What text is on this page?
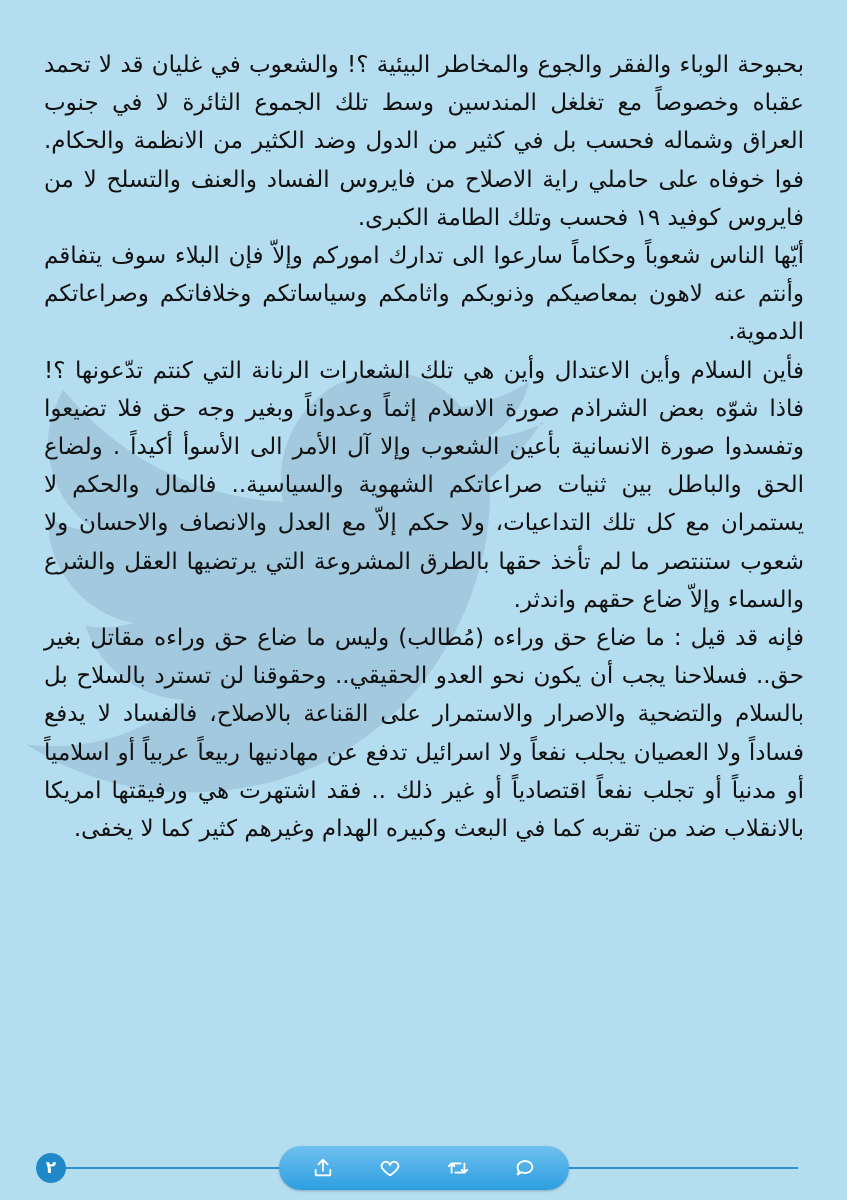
بحبوحة الوباء والفقر والجوع والمخاطر البيئية ؟! والشعوب في غليان قد لا تحمد عقباه وخصوصاً مع تغلغل المندسين وسط تلك الجموع الثائرة لا في جنوب العراق وشماله فحسب بل في كثير من الدول وضد الكثير من الانظمة والحكام. فوا خوفاه على حاملي راية الاصلاح من فايروس الفساد والعنف والتسلح لا من فايروس كوفيد ١٩ فحسب وتلك الطامة الكبرى.

أيّها الناس شعوباً وحكاماً سارعوا الى تدارك اموركم وإلاّ فإن البلاء سوف يتفاقم وأنتم عنه لاهون بمعاصيكم وذنوبكم واثامكم وسياساتكم وخلافاتكم وصراعاتكم الدموية.

فأين السلام وأين الاعتدال وأين هي تلك الشعارات الرنانة التي كنتم تدّعونها ؟! فاذا شوّه بعض الشراذم صورة الاسلام إثماً وعدواناً وبغير وجه حق فلا تضيعوا وتفسدوا صورة الانسانية بأعين الشعوب وإلا آل الأمر الى الأسوأ أكيداً . ولضاع الحق والباطل بين ثنيات صراعاتكم الشهوية والسياسية.. فالمال والحكم لا يستمران مع كل تلك التداعيات، ولا حكم إلاّ مع العدل والانصاف والاحسان ولا شعوب ستنتصر ما لم تأخذ حقها بالطرق المشروعة التي يرتضيها العقل والشرع والسماء وإلاّ ضاع حقهم واندثر.

فإنه قد قيل : ما ضاع حق وراءه (مُطالب) وليس ما ضاع حق وراءه مقاتل بغير حق.. فسلاحنا يجب أن يكون نحو العدو الحقيقي.. وحقوقنا لن تسترد بالسلاح بل بالسلام والتضحية والاصرار والاستمرار على القناعة بالاصلاح، فالفساد لا يدفع فساداً ولا العصيان يجلب نفعاً ولا اسرائيل تدفع عن مهادنيها ربيعاً عربياً أو اسلامياً أو مدنياً أو تجلب نفعاً اقتصادياً أو غير ذلك .. فقد اشتهرت هي ورفيقتها امريكا بالانقلاب ضد من تقربه كما في البعث وكبيره الهدام وغيرهم كثير كما لا يخفى.

٢
